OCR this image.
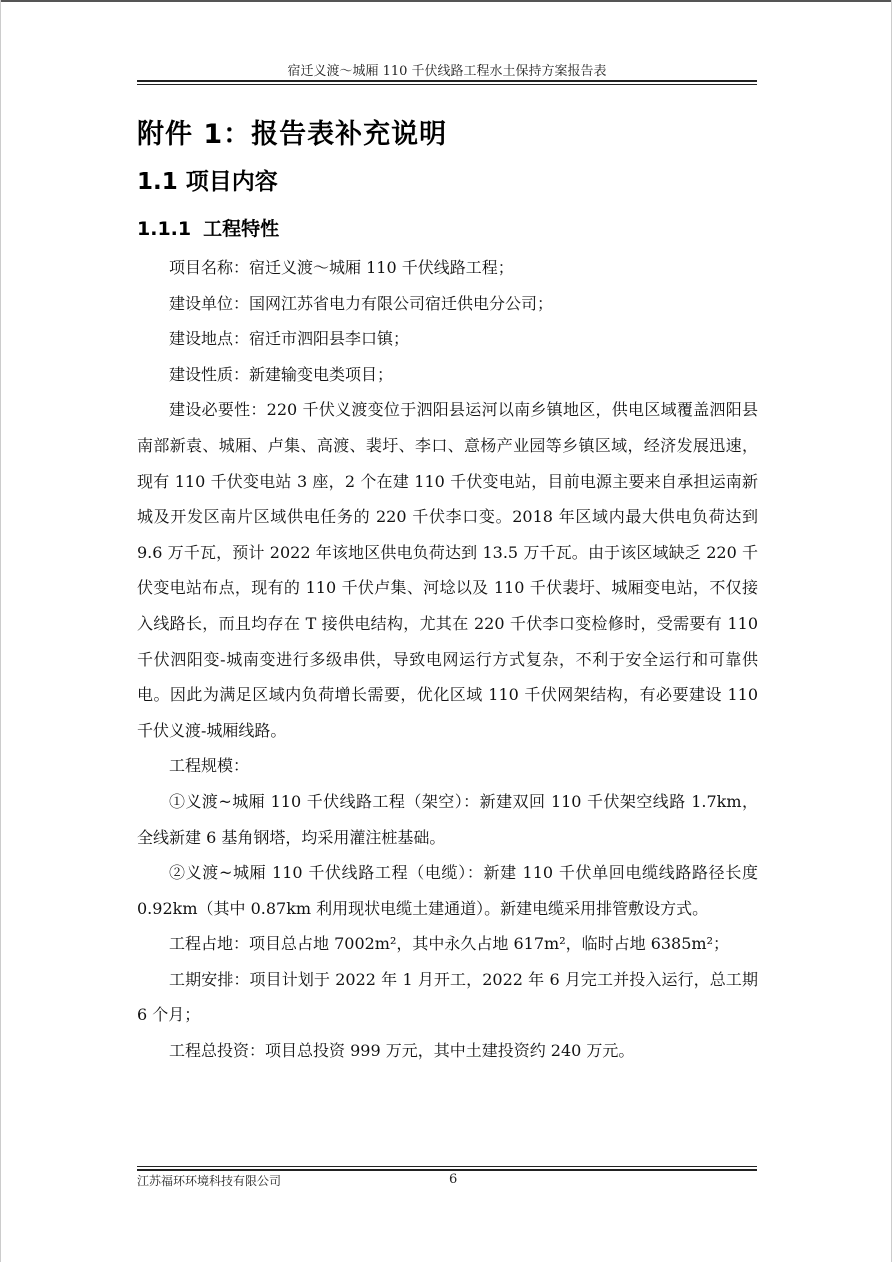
宿迁义渡～城厢 110 千伏线路工程水土保持方案报告表
附件 1：报告表补充说明
1.1 项目内容
1.1.1 工程特性

项目名称：宿迁义渡～城厢 110 千伏线路工程；

建设单位：国网江苏省电力有限公司宿迁供电分公司；

建设地点：宿迁市泗阳县李口镇；

建设性质：新建输变电类项目；

建设必要性：220 千伏义渡变位于泗阳县运河以南乡镇地区，供电区域覆盖泗阳县南部新袁、城厢、卢集、高渡、裴圩、李口、意杨产业园等乡镇区域，经济发展迅速，现有 110 千伏变电站 3 座，2 个在建 110 千伏变电站，目前电源主要来自承担运南新城及开发区南片区域供电任务的 220 千伏李口变。2018 年区域内最大供电负荷达到 9.6 万千瓦，预计 2022 年该地区供电负荷达到 13.5 万千瓦。由于该区域缺乏 220 千伏变电站布点，现有的 110 千伏卢集、河埝以及 110 千伏裴圩、城厢变电站，不仅接入线路长，而且均存在 T 接供电结构，尤其在 220 千伏李口变检修时，受需要有 110 千伏泗阳变-城南变进行多级串供，导致电网运行方式复杂，不利于安全运行和可靠供电。因此为满足区域内负荷增长需要，优化区域 110 千伏网架结构，有必要建设 110 千伏义渡-城厢线路。

工程规模：

①义渡~城厢 110 千伏线路工程（架空）：新建双回 110 千伏架空线路 1.7km，全线新建 6 基角钢塔，均采用灌注桩基础。

②义渡~城厢 110 千伏线路工程（电缆）：新建 110 千伏单回电缆线路路径长度 0.92km（其中 0.87km 利用现状电缆土建通道）。新建电缆采用排管敷设方式。

工程占地：项目总占地 7002m²，其中永久占地 617m²，临时占地 6385m²；

工期安排：项目计划于 2022 年 1 月开工，2022 年 6 月完工并投入运行，总工期 6 个月；

工程总投资：项目总投资 999 万元，其中土建投资约 240 万元。

江苏福环环境科技有限公司	6
